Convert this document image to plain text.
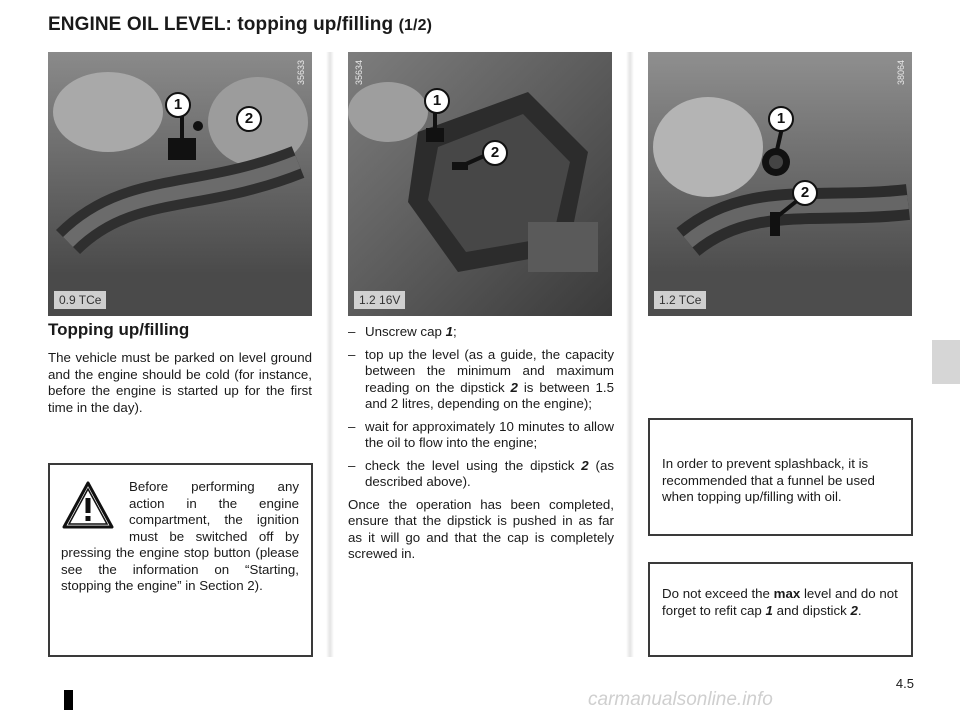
ENGINE OIL LEVEL: topping up/filling (1/2)
35633
0.9 TCe
1
2
35634
1.2 16V
1
2
38064
1.2 TCe
1
2
Topping up/filling

The vehicle must be parked on level ground and the engine should be cold (for instance, before the engine is started up for the first time in the day).

Before performing any action in the engine compartment, the ignition must be switched off by pressing the engine stop button (please see the information on “Starting, stopping the engine” in Section 2).
– Unscrew cap 1;
– top up the level (as a guide, the capacity between the minimum and maximum reading on the dipstick 2 is between 1.5 and 2 litres, depending on the engine);
– wait for approximately 10 minutes to allow the oil to flow into the engine;
– check the level using the dipstick 2 (as described above).
Once the operation has been completed, ensure that the dipstick is pushed in as far as it will go and that the cap is completely screwed in.
In order to prevent splashback, it is recommended that a funnel be used when topping up/filling with oil.
Do not exceed the max level and do not forget to refit cap 1 and dipstick 2.
4.5
carmanualsonline.info
